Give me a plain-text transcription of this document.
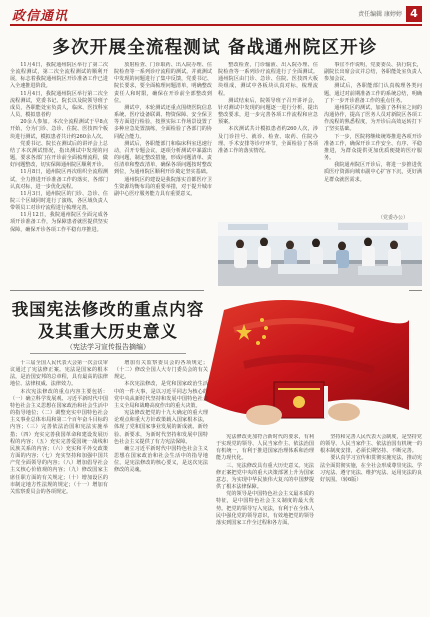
政信通讯	责任编辑 康婷婷 4
多次开展全流程测试 备战通州院区开诊

11月4日，我院通州院区举行了第二次全流程测试，第二次全流程测试的顺利开展，标志着我院通州院区开诊准备工作已进入全速推进阶段。

11月4日，我院通州院区举行第二次全流程测试，党委书记、院长以及院领导班子成员，各职能处室负责人，临床、医技科室人员，模拟患者约

20余人参加。本次全流程测试于早8点开始，分为门诊、急诊、住院、医技四个板块进行测试，模拟患者共计约260余人次。

党委书记、院长在测试后的讲评会上总结了本次测试情况，指出测试中发现的问题，要求各部门在开诊前全面梳理流程，做好问题整改，切实保障通州院区顺利开诊。

11月8日，通州院区再次组织全流程测试，全力推进开诊准备工作的落实，各部门认真对标，进一步优化流程。

11月3日，通州院区的门诊、急诊、住院三个区域同时进行了演练，各区域负责人带领员工对诊疗流程进行梳理完善。

11月12日，我院通州院区全面完成各项开诊准备工作，为保障患者就医提供坚实保障，确保开诊各项工作平稳有序推进。

放射检查、门诊取药、出入院办理、住院检查等一系列诊疗流程的测试。并就测试中发现的问题进行了集中反馈，党委书记、院长要求，要全面梳理问题清单，明确整改责任人和时限，确保在开诊前全部整改到位。

测试中，本轮测试还重点围绕医院信息系统、医疗设备联调、物资保障、安全保卫等方面进行检验，按照实际工作场景设置了多种应急处置演练，全面检验了各部门的协同配合能力。

测试后，各职能部门和临床科室迅速行动，召开专题会议，逐项分析测试中暴露出的问题，制定整改措施，形成问题清单、责任清单和整改清单，确保各项问题按时整改到位，为通州院区顺利开诊奠定坚实基础。

通州院区的建设是我院落实首都医疗卫生资源均衡布局的重要举措，对于提升城市副中心医疗服务能力具有重要意义。

整改检查，门诊输液、出入院办理、住院检查等一系列诊疗流程进行了全面测试。通州院区由门诊、急诊、住院、医技四大板块组成，测试中各板块认真对标，梳理流程。

测试结束后，院领导班子召开讲评会，针对测试中发现的问题逐一进行分析，提出整改要求，进一步完善各项工作流程和应急预案。

本次测试共计模拟患者约260人次，涉及门诊挂号、就诊、检查、取药、住院办理、手术安排等诊疗环节，全面检验了各项准备工作的落实情况。

事宜不作说明，党委委员、执行院长，副院长出席会议并总结，各职能处室负责人参加会议。

测试后，各职能部门认真梳理各类问题，通过对前期准备工作的系统总结，明确了下一步开诊准备工作的重点任务。

通州院区的测试，加强了各科室之间的沟通协作，提高了医务人员对新院区各项工作流程的熟悉程度，为开诊后高效运转打下了坚实基础。

下一步，医院将继续统筹推进各项开诊准备工作，确保开诊工作安全、有序、平稳推进，为群众提供更加优质便捷的医疗服务。

我院通州院区开诊后，将进一步推进优质医疗资源向城市副中心扩容下沉，更好满足群众就医需求。

（党委办公）
我国宪法修改的重点内容
及其重大历史意义
（宪法学习宣传报告摘编）

十三届全国人民代表大会第一次会议审议通过了宪法修正案。宪法是国家的根本法，是治国安邦的总章程，具有最高的法律地位、法律权威、法律效力。

本次宪法修改的重点内容主要包括：（一）确立科学发展观、习近平新时代中国特色社会主义思想在国家政治和社会生活中的指导地位；（二）调整充实中国特色社会主义事业总体布局和第二个百年奋斗目标的内容；（三）完善依法治国和宪法实施举措；（四）充实完善我国革命和建设发展历程的内容；（五）充实完善爱国统一战线和民族关系的内容；（六）充实和平外交政策方面的内容；（七）充实坚持和加强中国共产党全面领导的内容；（八）增加倡导社会主义核心价值观的内容；（九）修改国家主席任职方面的有关规定；（十）增加设区的市制定地方性法规的规定；（十一）增加有关监察委员会的各项规定。

增加有关监察委员会的各项规定；（十二）修改全国人大专门委员会的有关规定。

本次宪法修改，是党和国家政治生活中的一件大事，是以习近平同志为核心的党中央从新时代坚持和发展中国特色社会主义全局和战略高度作出的重大决策。

宪法修改把党的十九大确定的重大理论观点和重大方针政策载入国家根本法，体现了党和国家事业发展的新成就、新经验、新要求，为新时代坚持和发展中国特色社会主义提供了有力宪法保障。

确立习近平新时代中国特色社会主义思想在国家政治和社会生活中的指导地位，是宪法修改的核心要义，是这次宪法修改的灵魂。

宪法修改更加符合新时代的要求，有利于实现党的领导、人民当家作主、依法治国有机统一，有利于推进国家治理体系和治理能力现代化。

三、宪法修改具有重大历史意义。宪法修正案把党中央的重大决策部署上升为国家意志，为实现中华民族伟大复兴的中国梦提供了根本法律保障。

党的领导是中国特色社会主义最本质的特征，是中国特色社会主义制度的最大优势。把党的领导写入宪法，有利于在全体人民中强化党的领导意识，有效地把党的领导落实到国家工作全过程和各方面。

坚持和完善人民代表大会制度，是坚持党的领导、人民当家作主、依法治国有机统一的根本制度安排，必须长期坚持、不断完善。

要认真学习宣传和贯彻实施宪法，推动宪法全面贯彻实施，在全社会形成尊崇宪法、学习宪法、遵守宪法、维护宪法、运用宪法的良好氛围。（转6版）
